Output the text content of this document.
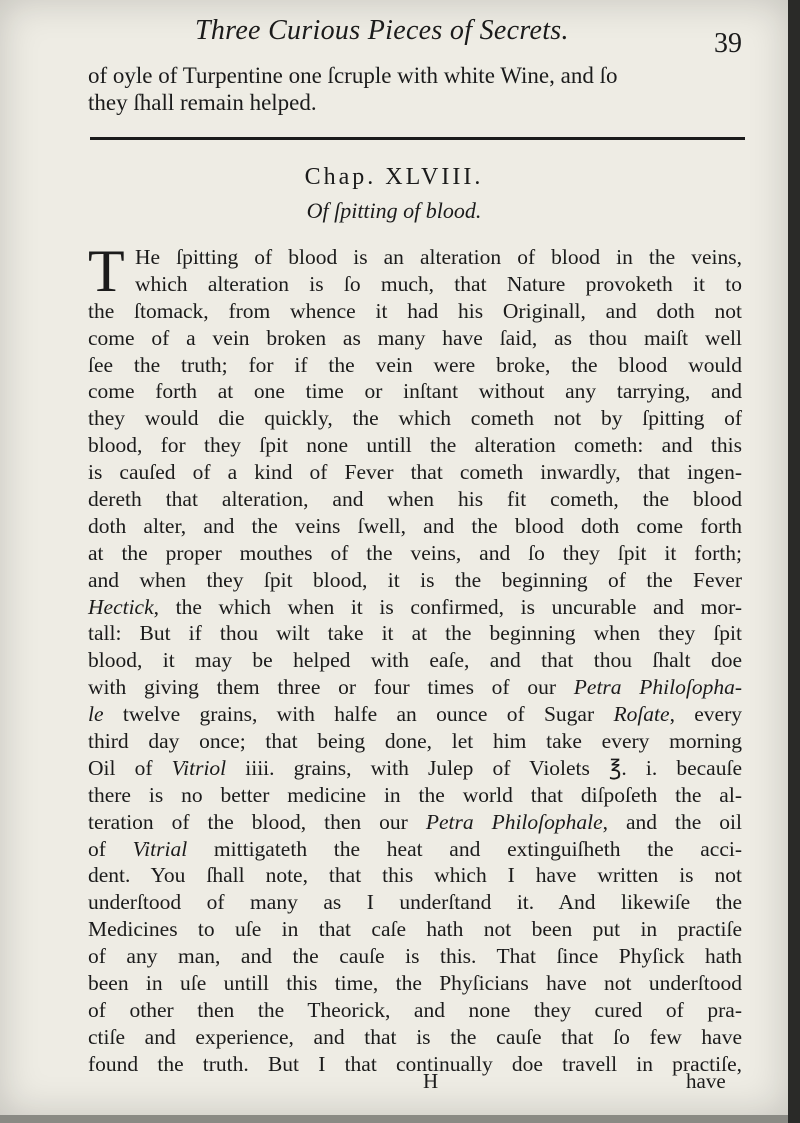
Three Curious Pieces of Secrets.	39
of oyle of Turpentine one ſcruple with white Wine, and ſo
they ſhall remain helped.
Chap. XLVIII.
Of ſpitting of blood.
T He ſpitting of blood is an alteration of blood in the veins,
which alteration is ſo much, that Nature provoketh it to
the ſtomack, from whence it had his Originall, and doth not
come of a vein broken as many have ſaid, as thou maiſt well
ſee the truth; for if the vein were broke, the blood would
come forth at one time or inſtant without any tarrying, and
they would die quickly, the which cometh not by ſpitting of
blood, for they ſpit none untill the alteration cometh: and this
is cauſed of a kind of Fever that cometh inwardly, that ingen-
dereth that alteration, and when his fit cometh, the blood
doth alter, and the veins ſwell, and the blood doth come forth
at the proper mouthes of the veins, and ſo they ſpit it forth;
and when they ſpit blood, it is the beginning of the Fever
Hectick, the which when it is confirmed, is uncurable and mor-
tall: But if thou wilt take it at the beginning when they ſpit
blood, it may be helped with eaſe, and that thou ſhalt doe
with giving them three or four times of our Petra Philoſopha-
le twelve grains, with halfe an ounce of Sugar Roſate, every
third day once; that being done, let him take every morning
Oil of Vitriol iiii. grains, with Julep of Violets ℥. i. becauſe
there is no better medicine in the world that diſpoſeth the al-
teration of the blood, then our Petra Philoſophale, and the oil
of Vitrial mittigateth the heat and extinguiſheth the acci-
dent. You ſhall note, that this which I have written is not
underſtood of many as I underſtand it. And likewiſe the
Medicines to uſe in that caſe hath not been put in practiſe
of any man, and the cauſe is this. That ſince Phyſick hath
been in uſe untill this time, the Phyſicians have not underſtood
of other then the Theorick, and none they cured of pra-
ctiſe and experience, and that is the cauſe that ſo few have
found the truth. But I that continually doe travell in practiſe,
H	have
